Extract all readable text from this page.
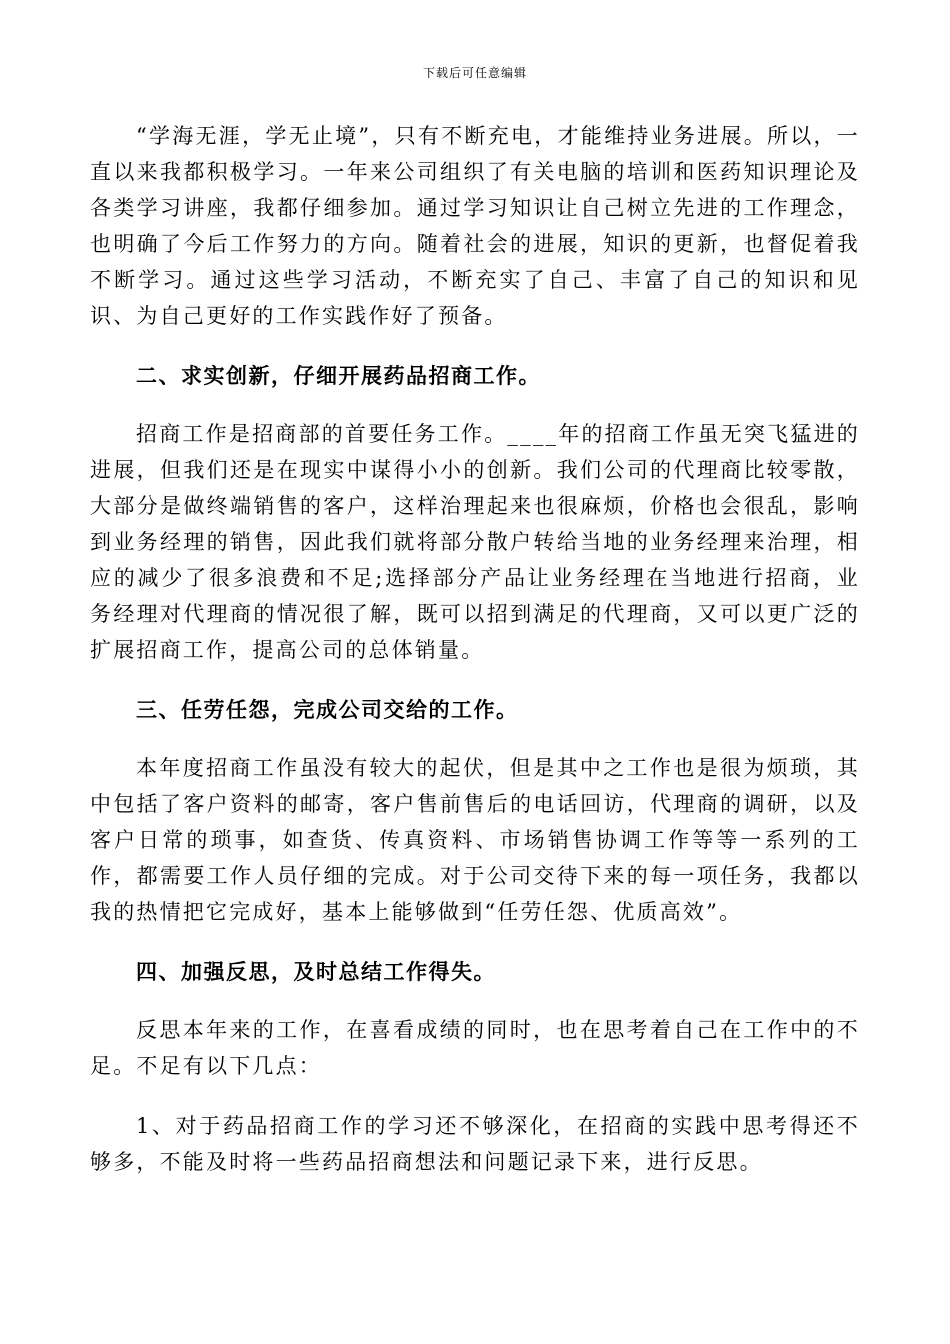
下载后可任意编辑

“学海无涯，学无止境”，只有不断充电，才能维持业务进展。所以，一直以来我都积极学习。一年来公司组织了有关电脑的培训和医药知识理论及各类学习讲座，我都仔细参加。通过学习知识让自己树立先进的工作理念，也明确了今后工作努力的方向。随着社会的进展，知识的更新，也督促着我不断学习。通过这些学习活动，不断充实了自己、丰富了自己的知识和见识、为自己更好的工作实践作好了预备。

二、求实创新，仔细开展药品招商工作。

招商工作是招商部的首要任务工作。____年的招商工作虽无突飞猛进的进展，但我们还是在现实中谋得小小的创新。我们公司的代理商比较零散，大部分是做终端销售的客户，这样治理起来也很麻烦，价格也会很乱，影响到业务经理的销售，因此我们就将部分散户转给当地的业务经理来治理，相应的减少了很多浪费和不足;选择部分产品让业务经理在当地进行招商，业务经理对代理商的情况很了解，既可以招到满足的代理商，又可以更广泛的扩展招商工作，提高公司的总体销量。

三、任劳任怨，完成公司交给的工作。

本年度招商工作虽没有较大的起伏，但是其中之工作也是很为烦琐，其中包括了客户资料的邮寄，客户售前售后的电话回访，代理商的调研，以及客户日常的琐事，如查货、传真资料、市场销售协调工作等等一系列的工作，都需要工作人员仔细的完成。对于公司交待下来的每一项任务，我都以我的热情把它完成好，基本上能够做到“任劳任怨、优质高效”。

四、加强反思，及时总结工作得失。

反思本年来的工作，在喜看成绩的同时，也在思考着自己在工作中的不足。不足有以下几点：

1、对于药品招商工作的学习还不够深化，在招商的实践中思考得还不够多，不能及时将一些药品招商想法和问题记录下来，进行反思。
